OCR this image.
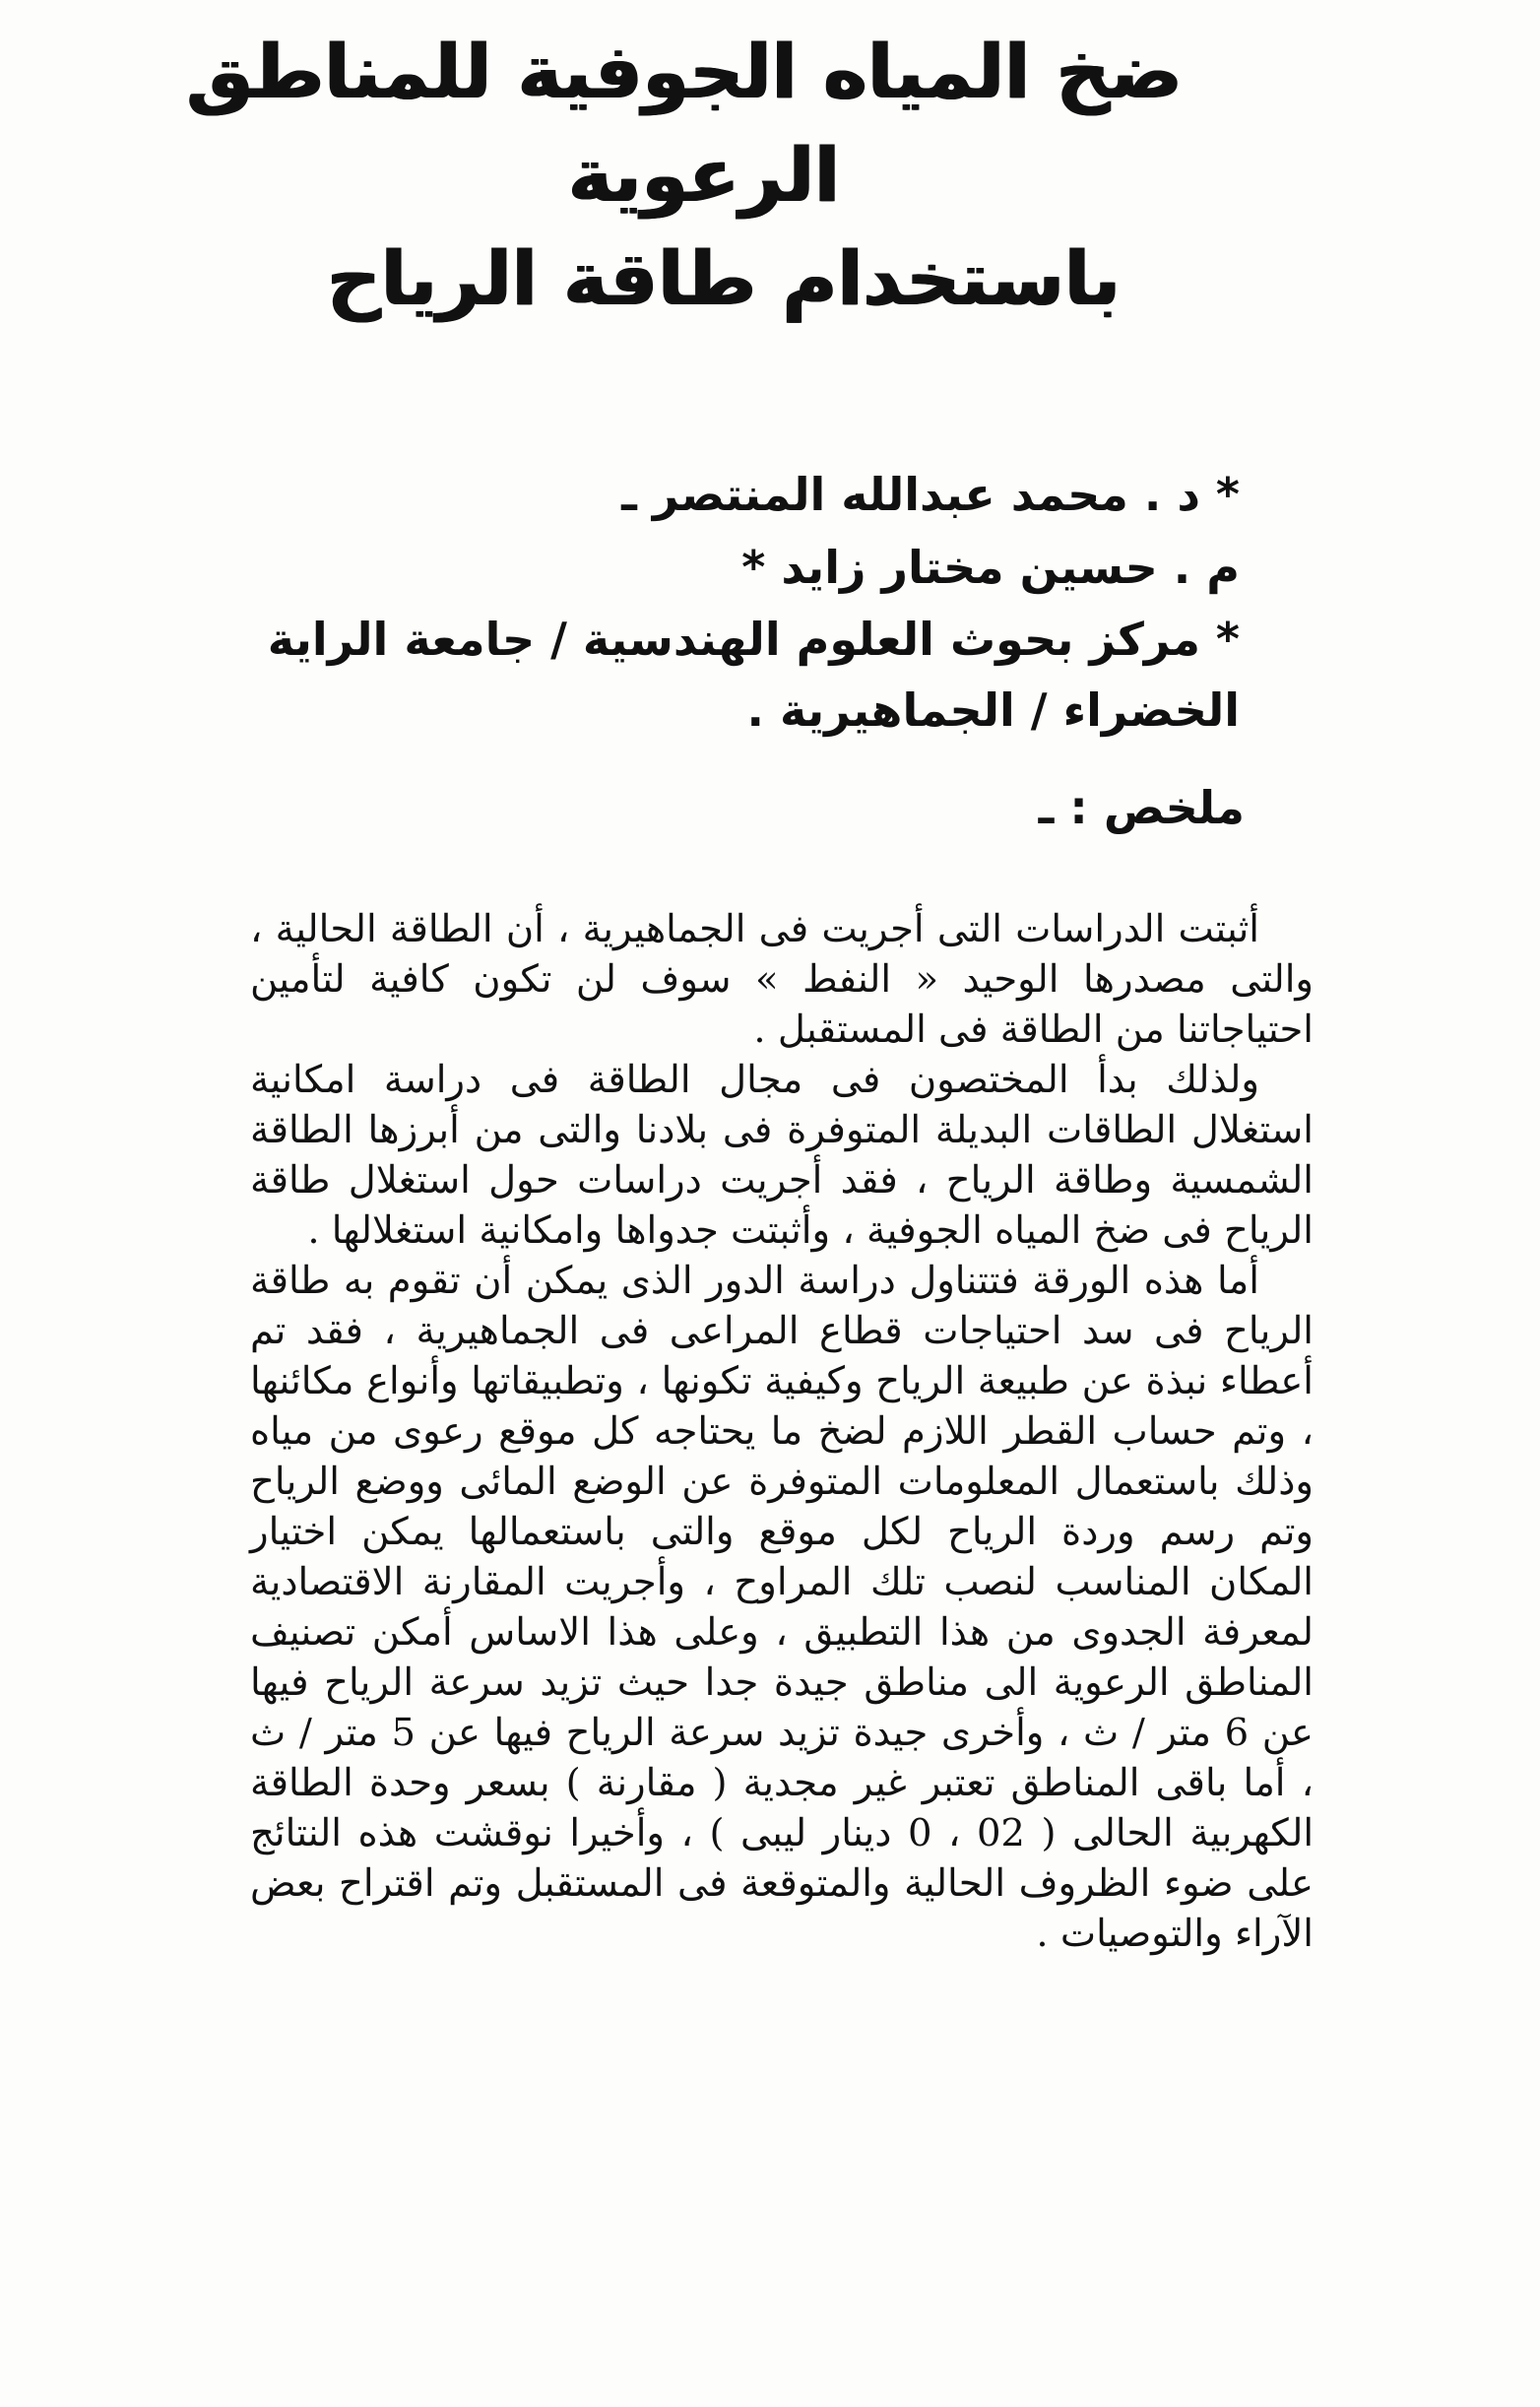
ضخ المياه الجوفية للمناطق
الرعوية
باستخدام طاقة الرياح
* د . محمد عبدالله المنتصر ـ
م . حسين مختار زايد *
* مركز بحوث العلوم الهندسية / جامعة الراية
الخضراء / الجماهيرية .
ملخص : ـ

أثبتت الدراسات التى أجريت فى الجماهيرية ، أن الطاقة الحالية ، والتى مصدرها الوحيد « النفط » سوف لن تكون كافية لتأمين احتياجاتنا من الطاقة فى المستقبل .

ولذلك بدأ المختصون فى مجال الطاقة فى دراسة امكانية استغلال الطاقات البديلة المتوفرة فى بلادنا والتى من أبرزها الطاقة الشمسية وطاقة الرياح ، فقد أجريت دراسات حول استغلال طاقة الرياح فى ضخ المياه الجوفية ، وأثبتت جدواها وامكانية استغلالها .

أما هذه الورقة فتتناول دراسة الدور الذى يمكن أن تقوم به طاقة الرياح فى سد احتياجات قطاع المراعى فى الجماهيرية ، فقد تم أعطاء نبذة عن طبيعة الرياح وكيفية تكونها ، وتطبيقاتها وأنواع مكائنها ، وتم حساب القطر اللازم لضخ ما يحتاجه كل موقع رعوى من مياه وذلك باستعمال المعلومات المتوفرة عن الوضع المائى ووضع الرياح وتم رسم وردة الرياح لكل موقع والتى باستعمالها يمكن اختيار المكان المناسب لنصب تلك المراوح ، وأجريت المقارنة الاقتصادية لمعرفة الجدوى من هذا التطبيق ، وعلى هذا الاساس أمكن تصنيف المناطق الرعوية الى مناطق جيدة جدا حيث تزيد سرعة الرياح فيها عن 6 متر / ث ، وأخرى جيدة تزيد سرعة الرياح فيها عن 5 متر / ث ، أما باقى المناطق تعتبر غير مجدية ( مقارنة ) بسعر وحدة الطاقة الكهربية الحالى ( 02 ، 0 دينار ليبى ) ، وأخيرا نوقشت هذه النتائج على ضوء الظروف الحالية والمتوقعة فى المستقبل وتم اقتراح بعض الآراء والتوصيات .
